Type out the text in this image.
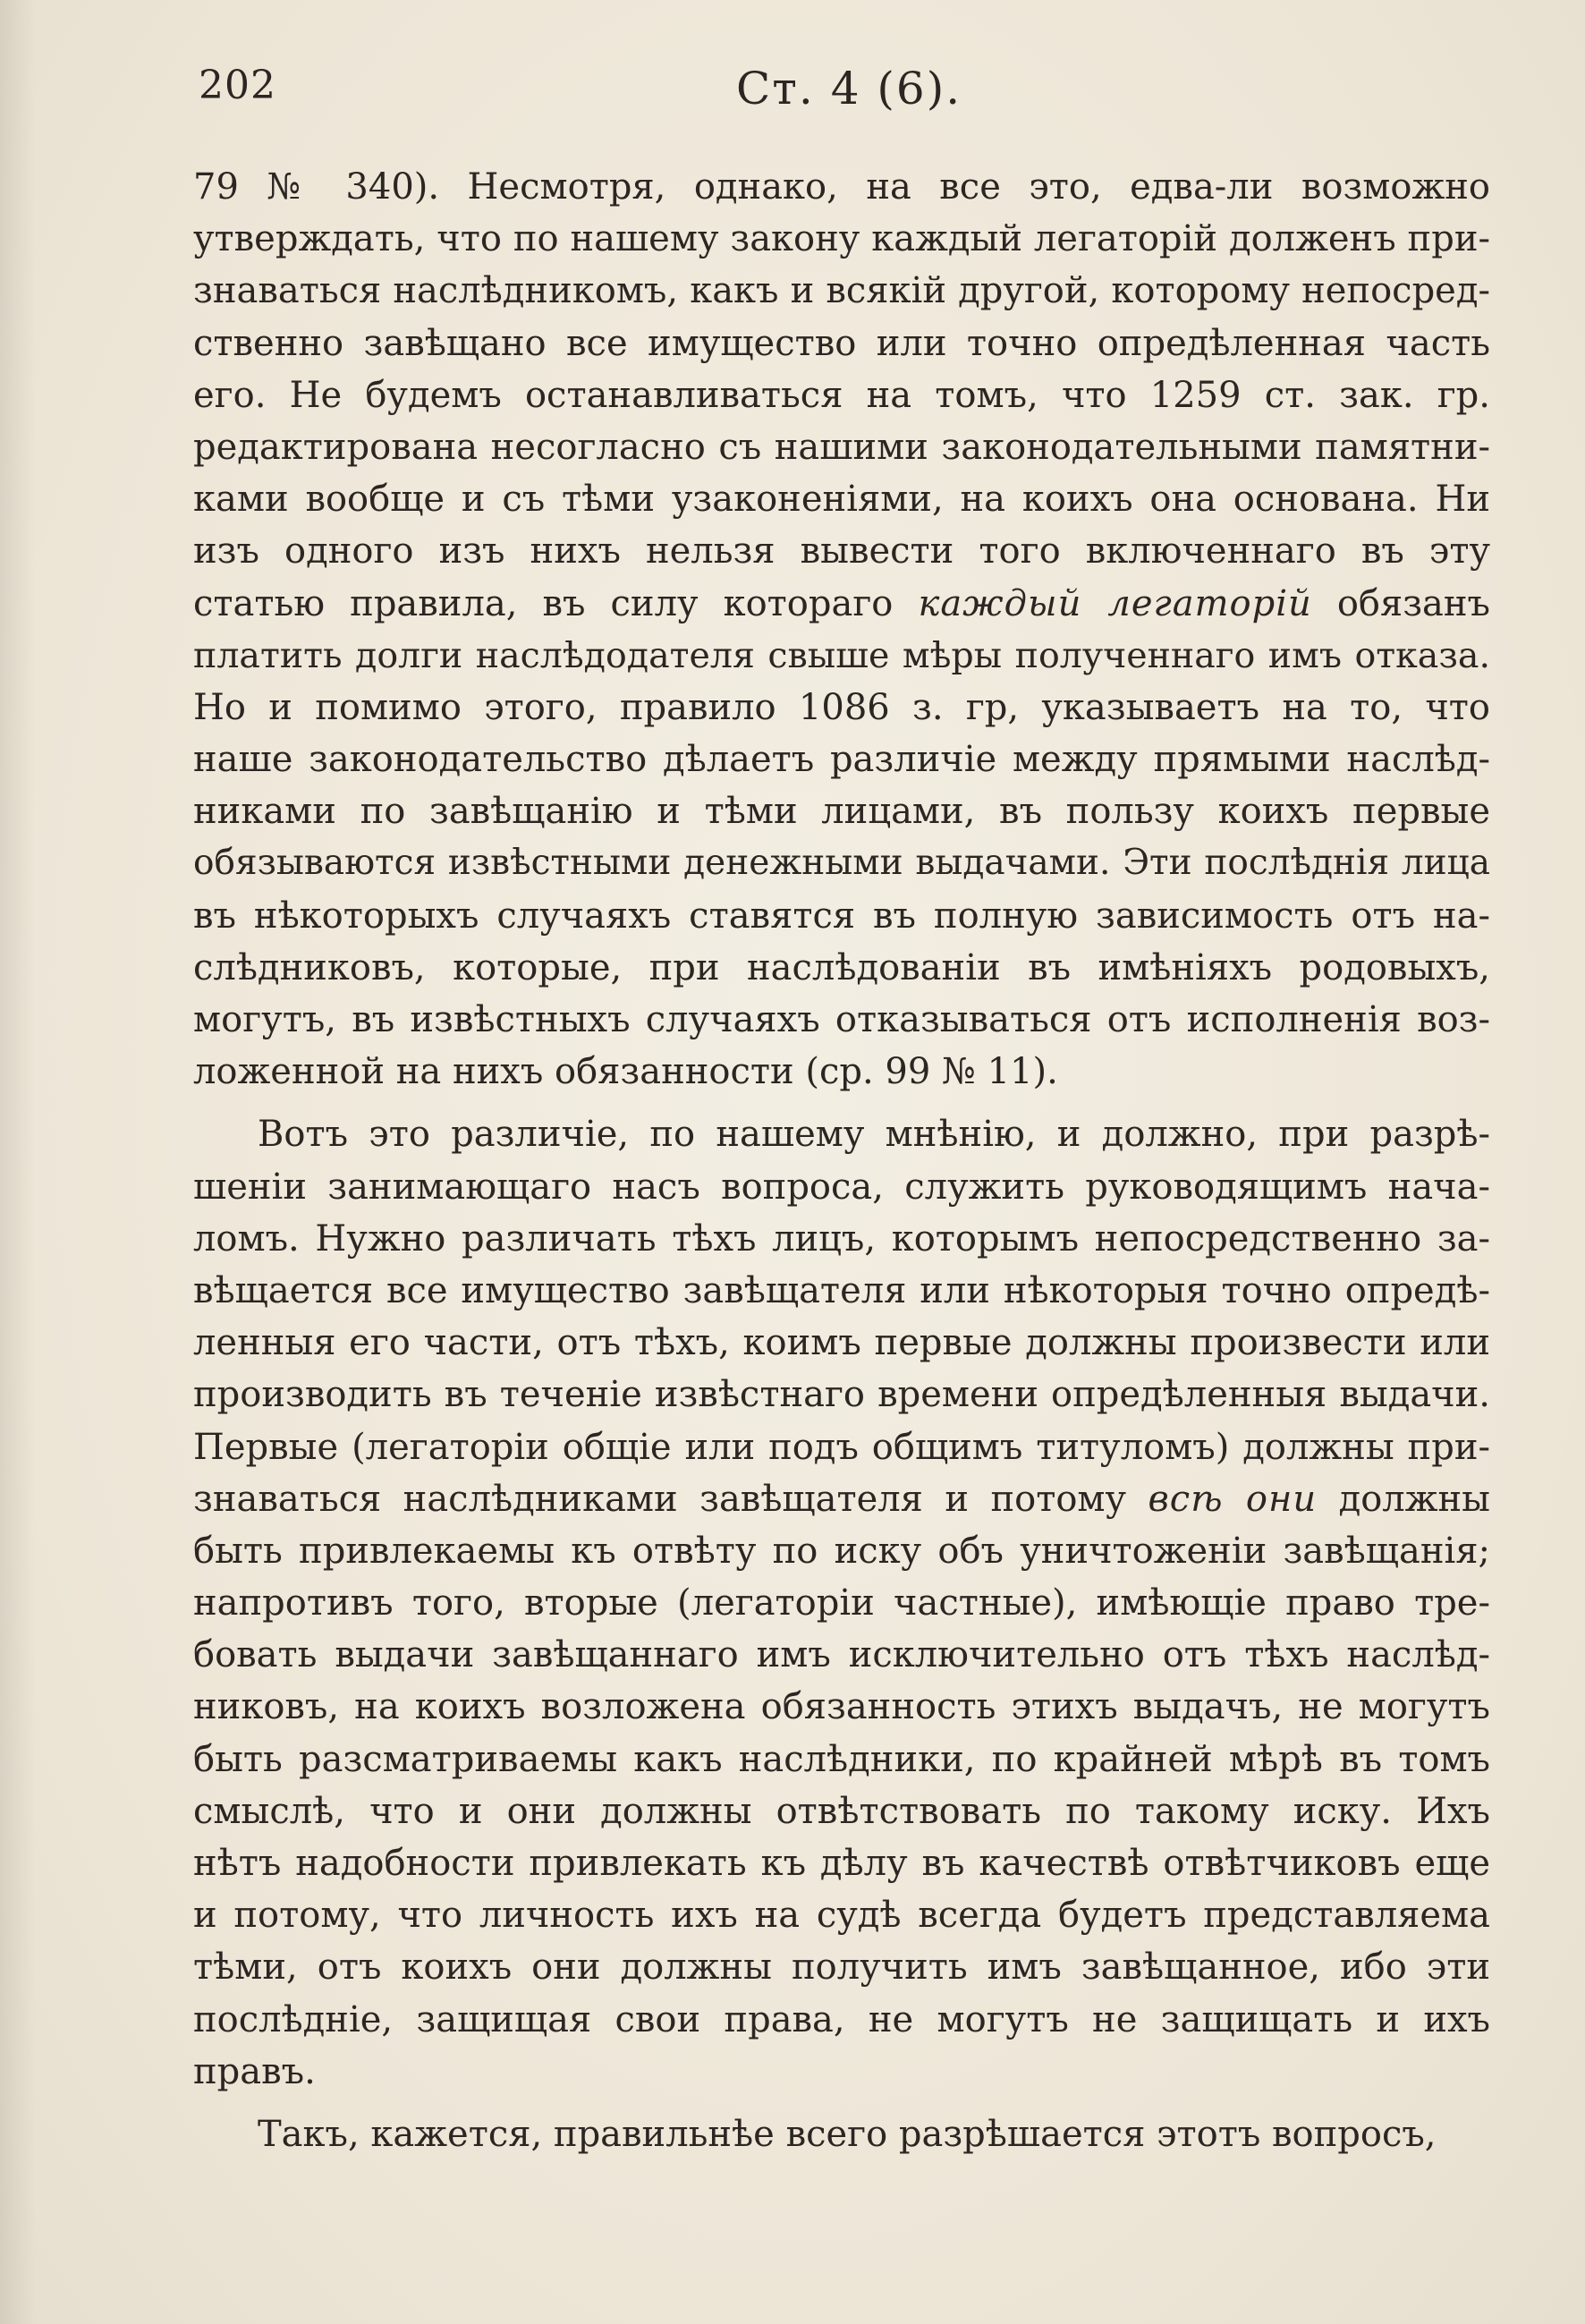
202	Ст. 4 (6).
79 № 340). Несмотря, однако, на все это, едва-ли возможно
утверждать, что по нашему закону каждый легаторій долженъ при-
знаваться наслѣдникомъ, какъ и всякій другой, которому непосред-
ственно завѣщано все имущество или точно опредѣленная часть
его. Не будемъ останавливаться на томъ, что 1259 ст. зак. гр.
редактирована несогласно съ нашими законодательными памятни-
ками вообще и съ тѣми узаконеніями, на коихъ она основана. Ни
изъ одного изъ нихъ нельзя вывести того включеннаго въ эту
статью правила, въ силу котораго каждый легаторій обязанъ
платить долги наслѣдодателя свыше мѣры полученнаго имъ отказа.
Но и помимо этого, правило 1086 з. гр, указываетъ на то, что
наше законодательство дѣлаетъ различіе между прямыми наслѣд-
никами по завѣщанію и тѣми лицами, въ пользу коихъ первые
обязываются извѣстными денежными выдачами. Эти послѣднія лица
въ нѣкоторыхъ случаяхъ ставятся въ полную зависимость отъ на-
слѣдниковъ, которые, при наслѣдованіи въ имѣніяхъ родовыхъ,
могутъ, въ извѣстныхъ случаяхъ отказываться отъ исполненія воз-
ложенной на нихъ обязанности (ср. 99 № 11).
Вотъ это различіе, по нашему мнѣнію, и должно, при разрѣ-
шеніи занимающаго насъ вопроса, служить руководящимъ нача-
ломъ. Нужно различать тѣхъ лицъ, которымъ непосредственно за-
вѣщается все имущество завѣщателя или нѣкоторыя точно опредѣ-
ленныя его части, отъ тѣхъ, коимъ первые должны произвести или
производить въ теченіе извѣстнаго времени опредѣленныя выдачи.
Первые (легаторіи общіе или подъ общимъ титуломъ) должны при-
знаваться наслѣдниками завѣщателя и потому всѣ они должны
быть привлекаемы къ отвѣту по иску объ уничтоженіи завѣщанія;
напротивъ того, вторые (легаторіи частные), имѣющіе право тре-
бовать выдачи завѣщаннаго имъ исключительно отъ тѣхъ наслѣд-
никовъ, на коихъ возложена обязанность этихъ выдачъ, не могутъ
быть разсматриваемы какъ наслѣдники, по крайней мѣрѣ въ томъ
смыслѣ, что и они должны отвѣтствовать по такому иску. Ихъ
нѣтъ надобности привлекать къ дѣлу въ качествѣ отвѣтчиковъ еще
и потому, что личность ихъ на судѣ всегда будетъ представляема
тѣми, отъ коихъ они должны получить имъ завѣщанное, ибо эти
послѣдніе, защищая свои права, не могутъ не защищать и ихъ
правъ.
Такъ, кажется, правильнѣе всего разрѣшается этотъ вопросъ,
